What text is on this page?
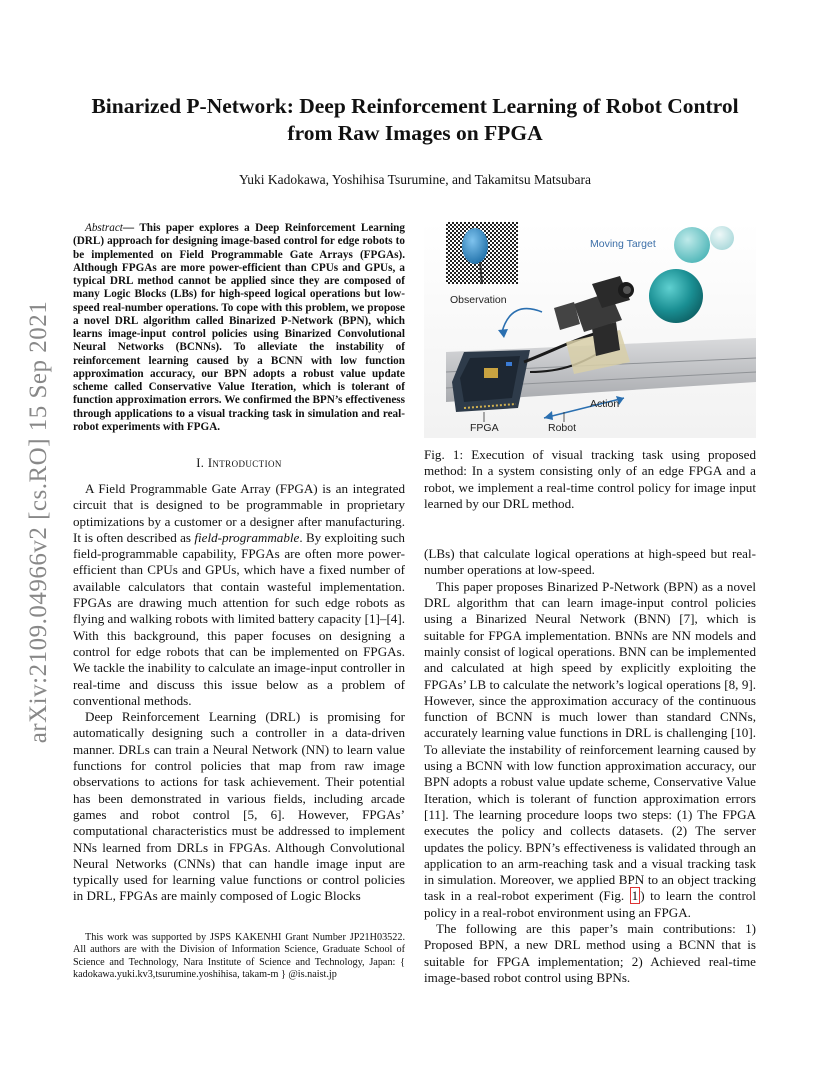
arXiv:2109.04966v2 [cs.RO] 15 Sep 2021
Binarized P-Network: Deep Reinforcement Learning of Robot Control from Raw Images on FPGA

Yuki Kadokawa, Yoshihisa Tsurumine, and Takamitsu Matsubara

Abstract— This paper explores a Deep Reinforcement Learning (DRL) approach for designing image-based control for edge robots to be implemented on Field Programmable Gate Arrays (FPGAs). Although FPGAs are more power-efficient than CPUs and GPUs, a typical DRL method cannot be applied since they are composed of many Logic Blocks (LBs) for high-speed logical operations but low-speed real-number operations. To cope with this problem, we propose a novel DRL algorithm called Binarized P-Network (BPN), which learns image-input control policies using Binarized Convolutional Neural Networks (BCNNs). To alleviate the instability of reinforcement learning caused by a BCNN with low function approximation accuracy, our BPN adopts a robust value update scheme called Conservative Value Iteration, which is tolerant of function approximation errors. We confirmed the BPN’s effectiveness through applications to a visual tracking task in simulation and real-robot experiments with FPGA.

I. Introduction

A Field Programmable Gate Array (FPGA) is an integrated circuit that is designed to be programmable in proprietary optimizations by a customer or a designer after manufacturing. It is often described as field-programmable. By exploiting such field-programmable capability, FPGAs are often more power-efficient than CPUs and GPUs, which have a fixed number of available calculators that contain wasteful implementation. FPGAs are drawing much attention for such edge robots as flying and walking robots with limited battery capacity [1]–[4]. With this background, this paper focuses on designing a control for edge robots that can be implemented on FPGAs. We tackle the inability to calculate an image-input controller in real-time and discuss this issue below as a problem of conventional methods.

Deep Reinforcement Learning (DRL) is promising for automatically designing such a controller in a data-driven manner. DRLs can train a Neural Network (NN) to learn value functions for control policies that map from raw image observations to actions for task achievement. Their potential has been demonstrated in various fields, including arcade games and robot control [5, 6]. However, FPGAs’ computational characteristics must be addressed to implement NNs learned from DRLs in FPGAs. Although Convolutional Neural Networks (CNNs) that can handle image input are typically used for learning value functions or control policies in DRL, FPGAs are mainly composed of Logic Blocks

This work was supported by JSPS KAKENHI Grant Number JP21H03522. All authors are with the Division of Information Science, Graduate School of Science and Technology, Nara Institute of Science and Technology, Japan: { kadokawa.yuki.kv3,tsurumine.yoshihisa, takam-m } @is.naist.jp

Moving Target
Observation
Action
FPGA	Robot

Fig. 1: Execution of visual tracking task using proposed method: In a system consisting only of an edge FPGA and a robot, we implement a real-time control policy for image input learned by our DRL method.

(LBs) that calculate logical operations at high-speed but real-number operations at low-speed.

This paper proposes Binarized P-Network (BPN) as a novel DRL algorithm that can learn image-input control policies using a Binarized Neural Network (BNN) [7], which is suitable for FPGA implementation. BNNs are NN models and mainly consist of logical operations. BNN can be implemented and calculated at high speed by explicitly exploiting the FPGAs’ LB to calculate the network’s logical operations [8, 9]. However, since the approximation accuracy of the continuous function of BCNN is much lower than standard CNNs, accurately learning value functions in DRL is challenging [10]. To alleviate the instability of reinforcement learning caused by using a BCNN with low function approximation accuracy, our BPN adopts a robust value update scheme, Conservative Value Iteration, which is tolerant of function approximation errors [11]. The learning procedure loops two steps: (1) The FPGA executes the policy and collects datasets. (2) The server updates the policy. BPN’s effectiveness is validated through an application to an arm-reaching task and a visual tracking task in simulation. Moreover, we applied BPN to an object tracking task in a real-robot experiment (Fig. 1 ) to learn the control policy in a real-robot environment using an FPGA.

The following are this paper’s main contributions: 1) Proposed BPN, a new DRL method using a BCNN that is suitable for FPGA implementation; 2) Achieved real-time image-based robot control using BPNs.
